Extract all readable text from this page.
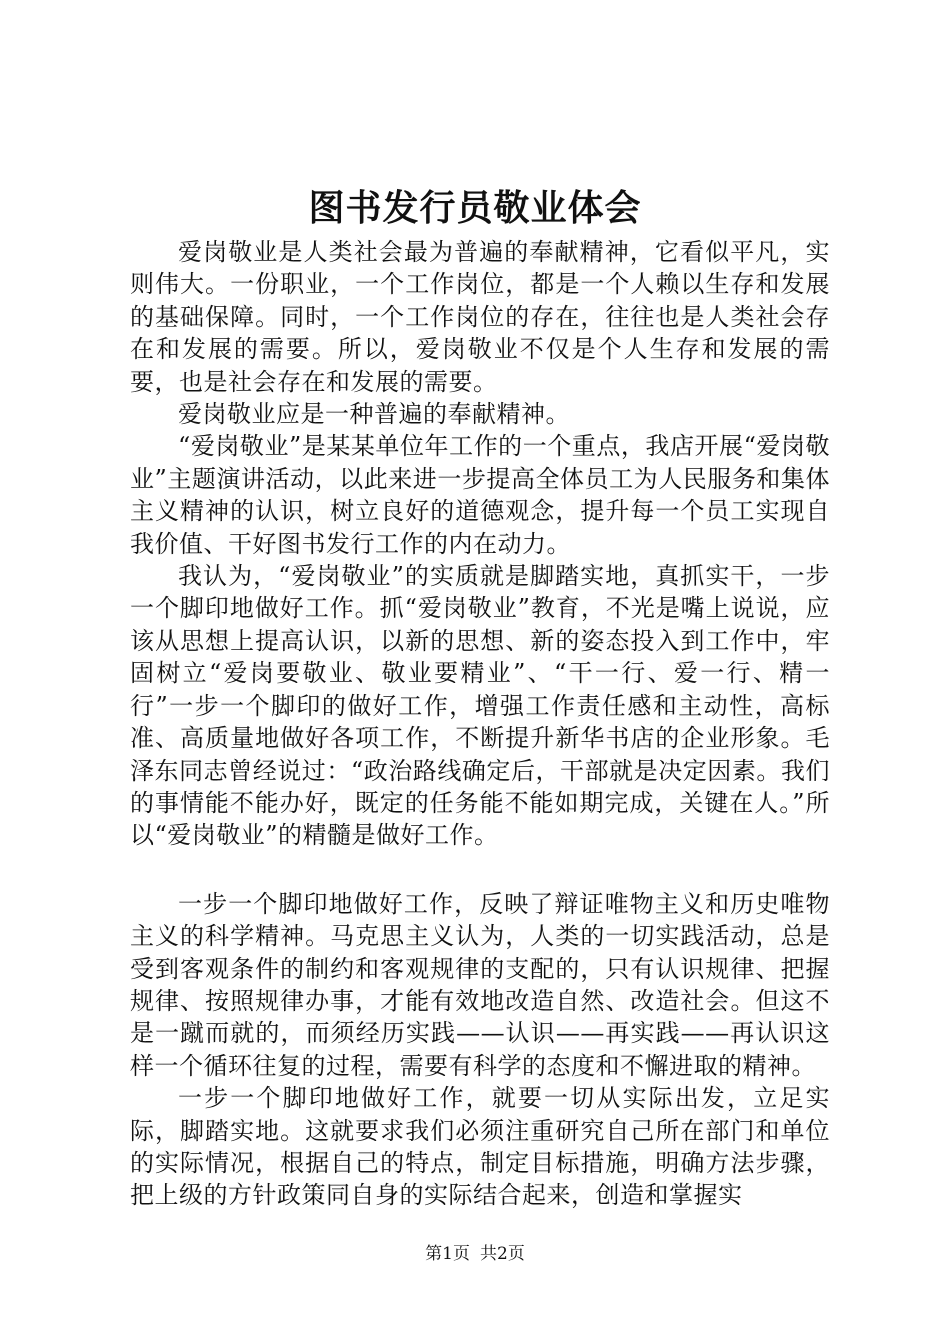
图书发行员敬业体会

爱岗敬业是人类社会最为普遍的奉献精神，它看似平凡，实则伟大。一份职业，一个工作岗位，都是一个人赖以生存和发展的基础保障。同时，一个工作岗位的存在，往往也是人类社会存在和发展的需要。所以，爱岗敬业不仅是个人生存和发展的需要，也是社会存在和发展的需要。

爱岗敬业应是一种普遍的奉献精神。

“爱岗敬业”是某某单位年工作的一个重点，我店开展“爱岗敬业”主题演讲活动，以此来进一步提高全体员工为人民服务和集体主义精神的认识，树立良好的道德观念，提升每一个员工实现自我价值、干好图书发行工作的内在动力。

我认为，“爱岗敬业”的实质就是脚踏实地，真抓实干，一步一个脚印地做好工作。抓“爱岗敬业”教育，不光是嘴上说说，应该从思想上提高认识，以新的思想、新的姿态投入到工作中，牢固树立“爱岗要敬业、敬业要精业”、“干一行、爱一行、精一行”一步一个脚印的做好工作，增强工作责任感和主动性，高标准、高质量地做好各项工作，不断提升新华书店的企业形象。毛泽东同志曾经说过：“政治路线确定后，干部就是决定因素。我们的事情能不能办好，既定的任务能不能如期完成，关键在人。”所以“爱岗敬业”的精髓是做好工作。

一步一个脚印地做好工作，反映了辩证唯物主义和历史唯物主义的科学精神。马克思主义认为，人类的一切实践活动，总是受到客观条件的制约和客观规律的支配的，只有认识规律、把握规律、按照规律办事，才能有效地改造自然、改造社会。但这不是一蹴而就的，而须经历实践——认识——再实践——再认识这样一个循环往复的过程，需要有科学的态度和不懈进取的精神。

一步一个脚印地做好工作，就要一切从实际出发，立足实际，脚踏实地。这就要求我们必须注重研究自己所在部门和单位的实际情况，根据自己的特点，制定目标措施，明确方法步骤，把上级的方针政策同自身的实际结合起来，创造和掌握实

第1页 共2页
